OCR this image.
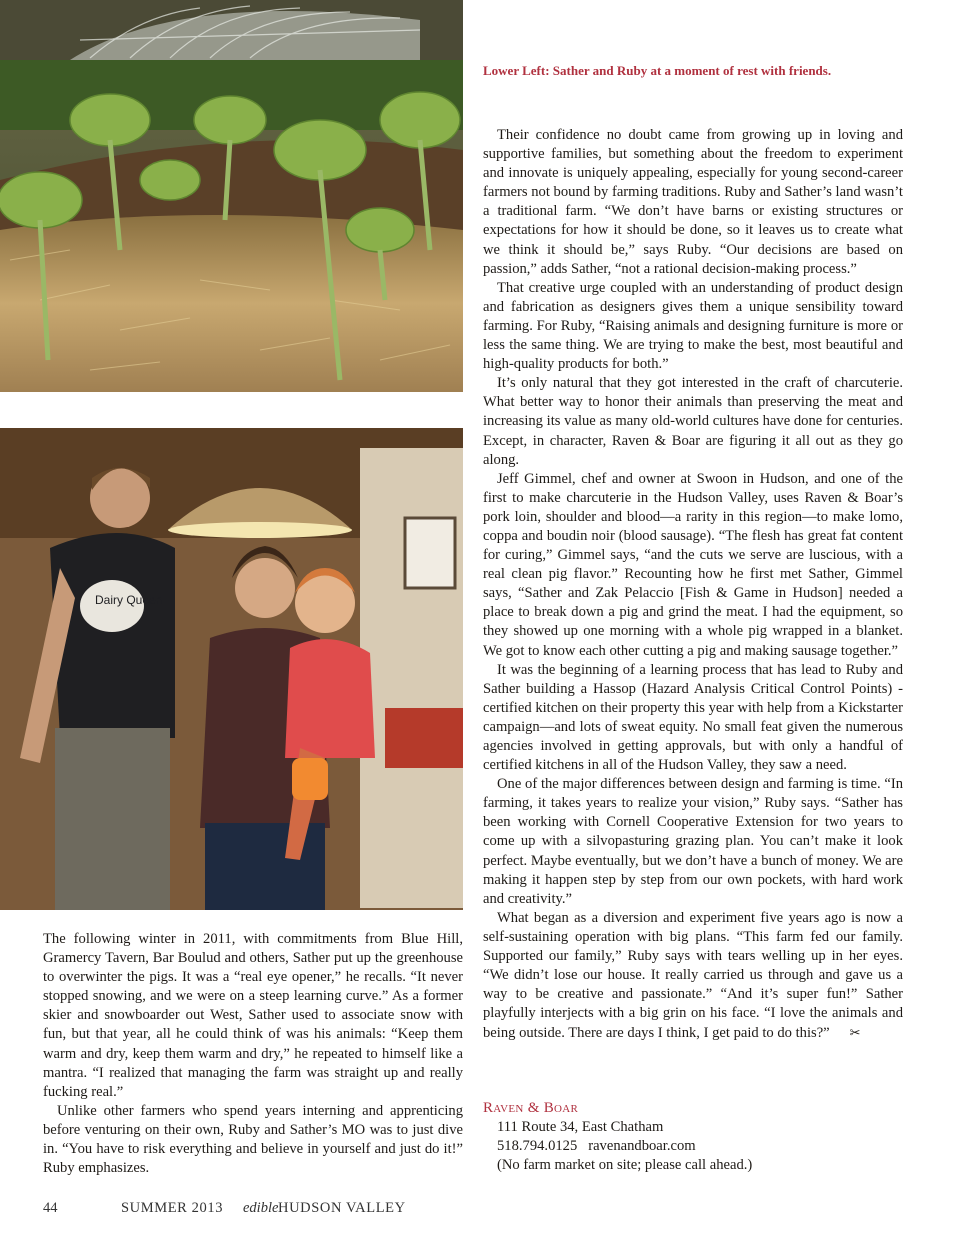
Dairy Queen
Lower Left: Sather and Ruby at a moment of rest with friends.

Their confidence no doubt came from growing up in loving and supportive families, but something about the freedom to experiment and innovate is uniquely appealing, especially for young second-career farmers not bound by farming traditions. Ruby and Sather’s land wasn’t a traditional farm. “We don’t have barns or existing structures or expectations for how it should be done, so it leaves us to create what we think it should be,” says Ruby. “Our decisions are based on passion,” adds Sather, “not a rational decision-making process.”

That creative urge coupled with an understanding of product design and fabrication as designers gives them a unique sensibility toward farming. For Ruby, “Raising animals and designing furniture is more or less the same thing. We are trying to make the best, most beautiful and high-quality products for both.”

It’s only natural that they got interested in the craft of charcuterie. What better way to honor their animals than preserving the meat and increasing its value as many old-world cultures have done for centuries. Except, in character, Raven & Boar are figuring it all out as they go along.

Jeff Gimmel, chef and owner at Swoon in Hudson, and one of the first to make charcuterie in the Hudson Valley, uses Raven & Boar’s pork loin, shoulder and blood—a rarity in this region—to make lomo, coppa and boudin noir (blood sausage). “The flesh has great fat content for curing,” Gimmel says, “and the cuts we serve are luscious, with a real clean pig flavor.” Recounting how he first met Sather, Gimmel says, “Sather and Zak Pelaccio [Fish & Game in Hudson] needed a place to break down a pig and grind the meat. I had the equipment, so they showed up one morning with a whole pig wrapped in a blanket. We got to know each other cutting a pig and making sausage together.”

It was the beginning of a learning process that has lead to Ruby and Sather building a Hassop (Hazard Analysis Critical Control Points) -certified kitchen on their property this year with help from a Kickstarter campaign—and lots of sweat equity. No small feat given the numerous agencies involved in getting approvals, but with only a handful of certified kitchens in all of the Hudson Valley, they saw a need.

One of the major differences between design and farming is time. “In farming, it takes years to realize your vision,” Ruby says. “Sather has been working with Cornell Cooperative Extension for two years to come up with a silvopasturing grazing plan. You can’t make it look perfect. Maybe eventually, but we don’t have a bunch of money. We are making it happen step by step from our own pockets, with hard work and creativity.”

What began as a diversion and experiment five years ago is now a self-sustaining operation with big plans. “This farm fed our family. Supported our family,” Ruby says with tears welling up in her eyes. “We didn’t lose our house. It really carried us through and gave us a way to be creative and passionate.” “And it’s super fun!” Sather playfully interjects with a big grin on his face. “I love the animals and being outside. There are days I think, I get paid to do this?” ✂

The following winter in 2011, with commitments from Blue Hill, Gramercy Tavern, Bar Boulud and others, Sather put up the greenhouse to overwinter the pigs. It was a “real eye opener,” he recalls. “It never stopped snowing, and we were on a steep learning curve.” As a former skier and snowboarder out West, Sather used to associate snow with fun, but that year, all he could think of was his animals: “Keep them warm and dry, keep them warm and dry,” he repeated to himself like a mantra. “I realized that managing the farm was straight up and really fucking real.”

Unlike other farmers who spend years interning and apprenticing before venturing on their own, Ruby and Sather’s MO was to just dive in. “You have to risk everything and believe in yourself and just do it!” Ruby emphasizes.

Raven & Boar
111 Route 34, East Chatham
518.794.0125   ravenandboar.com
(No farm market on site; please call ahead.)
44	SUMMER 2013 edible HUDSON VALLEY
